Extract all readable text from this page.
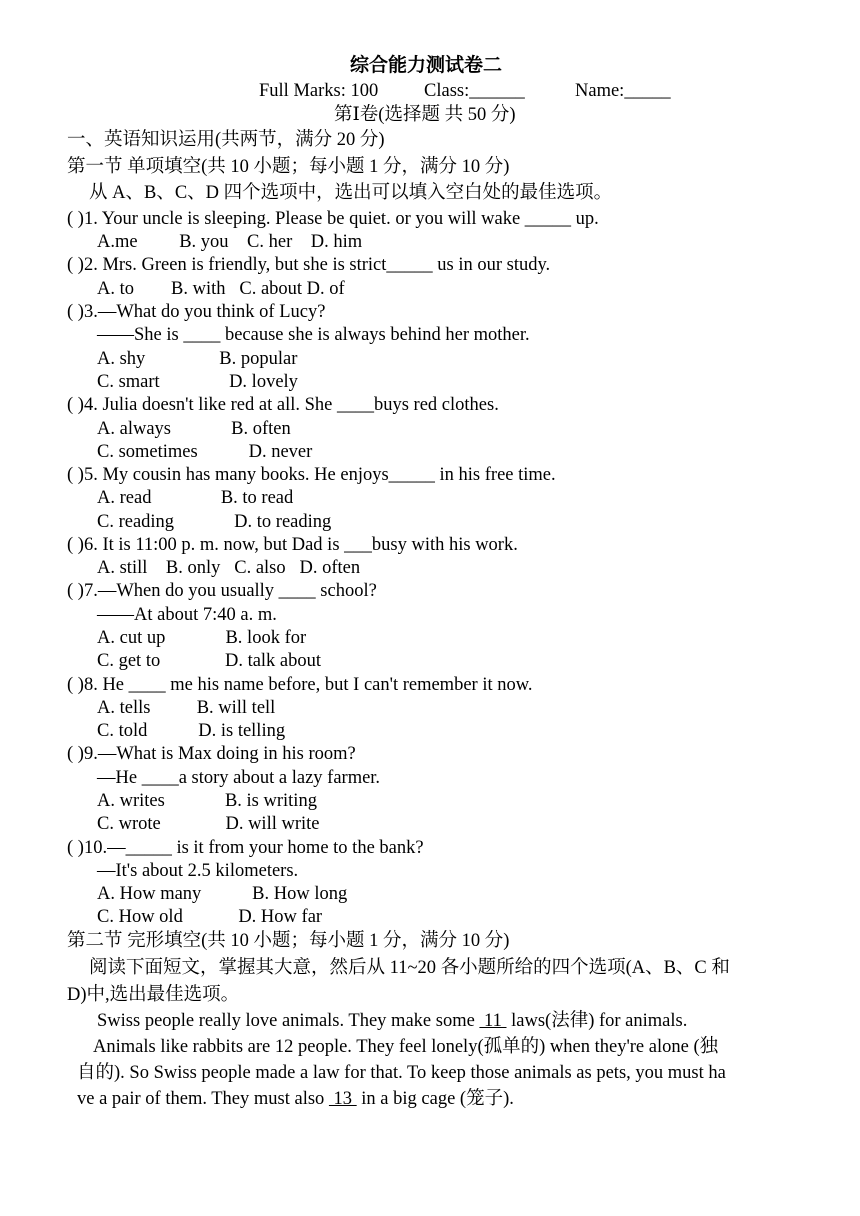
综合能力测试卷二
Full Marks: 100 Class:______	Name:_____
第Ⅰ卷(选择题 共 50 分)
一、英语知识运用(共两节，满分 20 分)
第一节 单项填空(共 10 小题；每小题 1 分，满分 10 分)
从 A、B、C、D 四个选项中，选出可以填入空白处的最佳选项。
( )1. Your uncle is sleeping. Please be quiet. or you will wake _____ up.
A.me         B. you    C. her    D. him
( )2. Mrs. Green is friendly, but she is strict_____ us in our study.
A. to        B. with   C. about D. of
( )3.—What do you think of Lucy?
——She is ____ because she is always behind her mother.
A. shy                B. popular
C. smart               D. lovely
( )4. Julia doesn't like red at all. She ____buys red clothes.
A. always             B. often
C. sometimes           D. never
( )5. My cousin has many books. He enjoys_____ in his free time.
A. read               B. to read
C. reading             D. to reading
( )6. It is 11:00 p. m. now, but Dad is ___busy with his work.
A. still    B. only   C. also   D. often
( )7.—When do you usually ____ school?
——At about 7:40 a. m.
A. cut up             B. look for
C. get to              D. talk about
( )8. He ____ me his name before, but I can't remember it now.
A. tells          B. will tell
C. told           D. is telling
( )9.—What is Max doing in his room?
—He ____a story about a lazy farmer.
A. writes             B. is writing
C. wrote              D. will write
( )10.—_____ is it from your home to the bank?
—It's about 2.5 kilometers.
A. How many           B. How long
C. How old            D. How far
第二节 完形填空(共 10 小题；每小题 1 分，满分 10 分)
阅读下面短文，掌握其大意，然后从 11~20 各小题所给的四个选项(A、B、C 和
D)中,选出最佳选项。
Swiss people really love animals. They make some  11  laws(法律) for animals.
Animals like rabbits are 12 people. They feel lonely(孤单的) when they're alone (独
自的). So Swiss people made a law for that. To keep those animals as pets, you must ha
ve a pair of them. They must also  13  in a big cage (笼子).
